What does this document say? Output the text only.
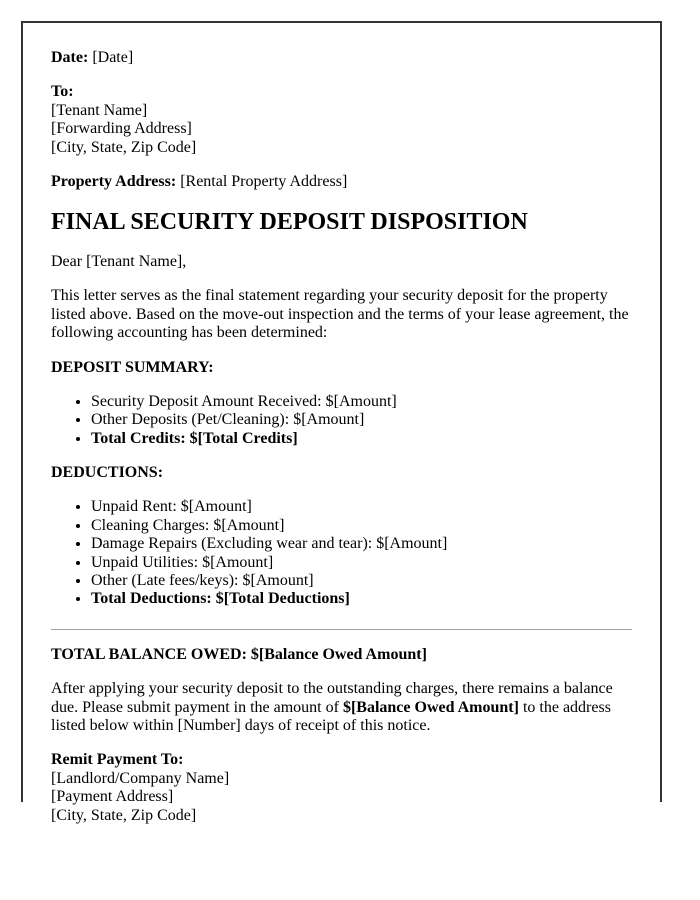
Date: [Date]

To:
[Tenant Name]
[Forwarding Address]
[City, State, Zip Code]

Property Address: [Rental Property Address]

FINAL SECURITY DEPOSIT DISPOSITION

Dear [Tenant Name],

This letter serves as the final statement regarding your security deposit for the property listed above. Based on the move-out inspection and the terms of your lease agreement, the following accounting has been determined:

DEPOSIT SUMMARY:

• Security Deposit Amount Received: $[Amount]
• Other Deposits (Pet/Cleaning): $[Amount]
• Total Credits: $[Total Credits]

DEDUCTIONS:

• Unpaid Rent: $[Amount]
• Cleaning Charges: $[Amount]
• Damage Repairs (Excluding wear and tear): $[Amount]
• Unpaid Utilities: $[Amount]
• Other (Late fees/keys): $[Amount]
• Total Deductions: $[Total Deductions]

TOTAL BALANCE OWED: $[Balance Owed Amount]

After applying your security deposit to the outstanding charges, there remains a balance due. Please submit payment in the amount of $[Balance Owed Amount] to the address listed below within [Number] days of receipt of this notice.

Remit Payment To:
[Landlord/Company Name]
[Payment Address]
[City, State, Zip Code]
